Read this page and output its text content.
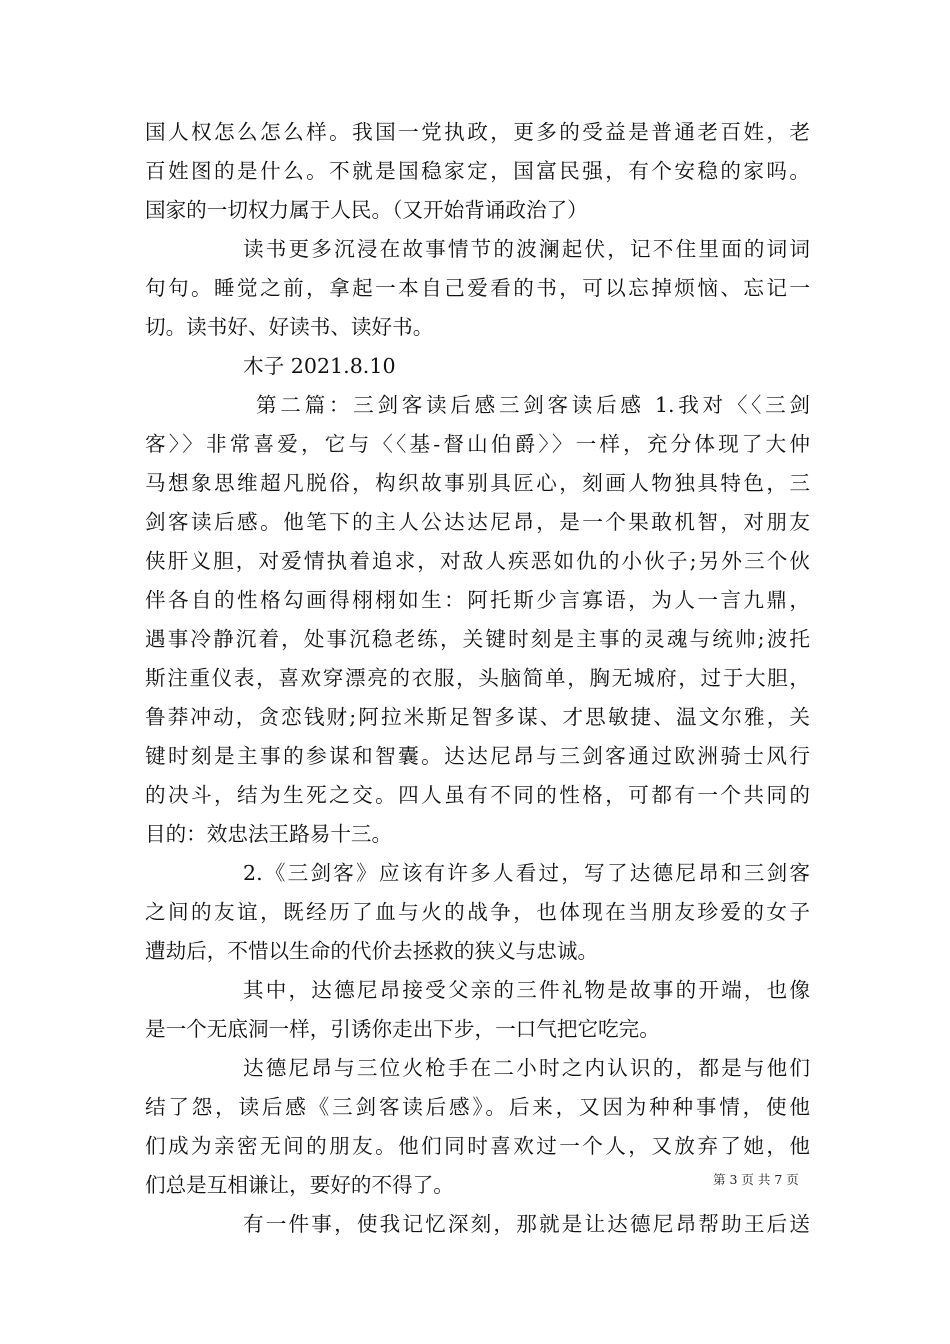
国人权怎么怎么样。我国一党执政，更多的受益是普通老百姓，老
百姓图的是什么。不就是国稳家定，国富民强，有个安稳的家吗。
国家的一切权力属于人民。（又开始背诵政治了）
读书更多沉浸在故事情节的波澜起伏，记不住里面的词词
句句。睡觉之前，拿起一本自己爱看的书，可以忘掉烦恼、忘记一
切。读书好、好读书、读好书。
木子 2021.8.10
第二篇：三剑客读后感三剑客读后感 1.我对〈〈三剑
客〉〉非常喜爱，它与〈〈基-督山伯爵〉〉一样，充分体现了大仲
马想象思维超凡脱俗，构织故事别具匠心，刻画人物独具特色，三
剑客读后感。他笔下的主人公达达尼昂，是一个果敢机智，对朋友
侠肝义胆，对爱情执着追求，对敌人疾恶如仇的小伙子;另外三个伙
伴各自的性格勾画得栩栩如生：阿托斯少言寡语，为人一言九鼎，
遇事冷静沉着，处事沉稳老练，关键时刻是主事的灵魂与统帅;波托
斯注重仪表，喜欢穿漂亮的衣服，头脑简单，胸无城府，过于大胆，
鲁莽冲动，贪恋钱财;阿拉米斯足智多谋、才思敏捷、温文尔雅，关
键时刻是主事的参谋和智囊。达达尼昂与三剑客通过欧洲骑士风行
的决斗，结为生死之交。四人虽有不同的性格，可都有一个共同的
目的：效忠法王路易十三。
2.《三剑客》应该有许多人看过，写了达德尼昂和三剑客
之间的友谊，既经历了血与火的战争，也体现在当朋友珍爱的女子
遭劫后，不惜以生命的代价去拯救的狭义与忠诚。
其中，达德尼昂接受父亲的三件礼物是故事的开端，也像
是一个无底洞一样，引诱你走出下步，一口气把它吃完。
达德尼昂与三位火枪手在二小时之内认识的，都是与他们
结了怨，读后感《三剑客读后感》。后来，又因为种种事情，使他
们成为亲密无间的朋友。他们同时喜欢过一个人，又放弃了她，他
们总是互相谦让，要好的不得了。
有一件事，使我记忆深刻，那就是让达德尼昂帮助王后送
第 3 页 共 7 页
